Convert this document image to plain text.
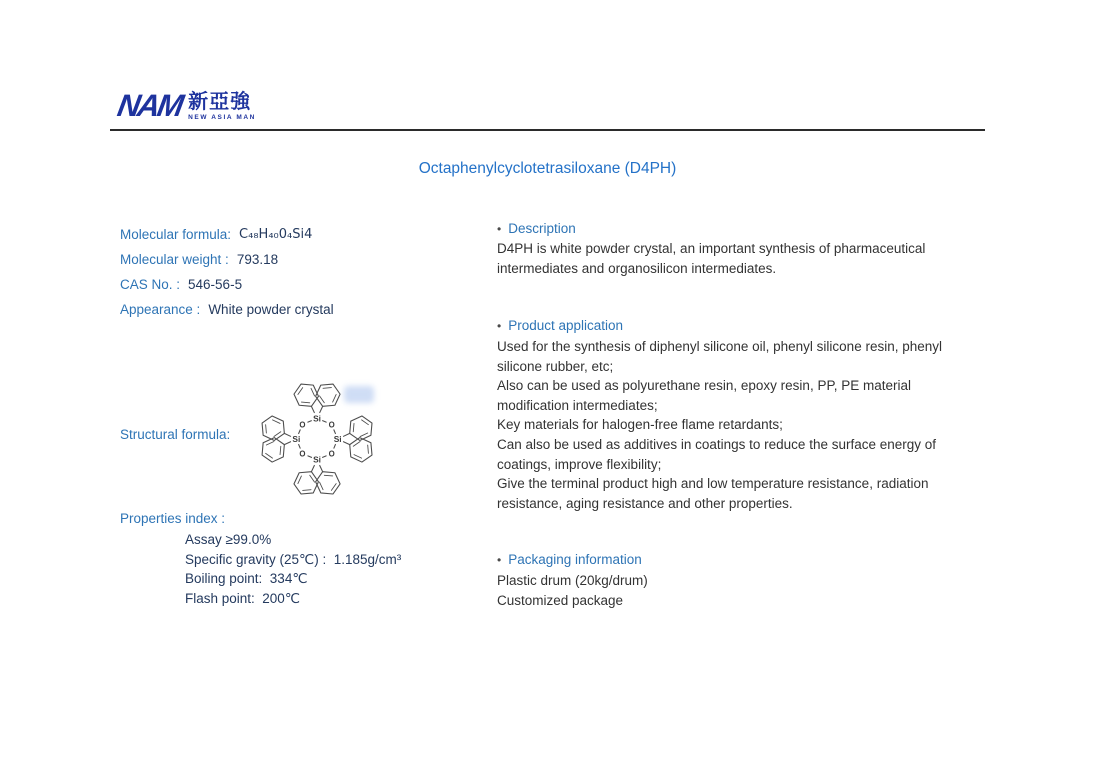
NAM 新亞強
NEW ASIA MAN
Octaphenylcyclotetrasiloxane (D4PH)
Molecular formula: C₄₈H₄₀0₄Si4
Molecular weight : 793.18
CAS No. : 546-56-5
Appearance : White powder crystal
Structural formula:
Si
O
Si
O
Si
O
Si
O
Properties index :
Assay ≥99.0%
Specific gravity (25℃) :  1.185g/cm³
Boiling point:  334℃
Flash point:  200℃
• Description

D4PH is white powder crystal, an important synthesis of pharmaceutical intermediates and organosilicon intermediates.

• Product application

Used for the synthesis of diphenyl silicone oil, phenyl silicone resin, phenyl silicone rubber, etc;

Also can be used as polyurethane resin, epoxy resin, PP, PE material modification intermediates;

Key materials for halogen-free flame retardants;

Can also be used as additives in coatings to reduce the surface energy of coatings, improve flexibility;

Give the terminal product high and low temperature resistance, radiation resistance, aging resistance and other properties.

• Packaging information

Plastic drum (20kg/drum)

Customized package
